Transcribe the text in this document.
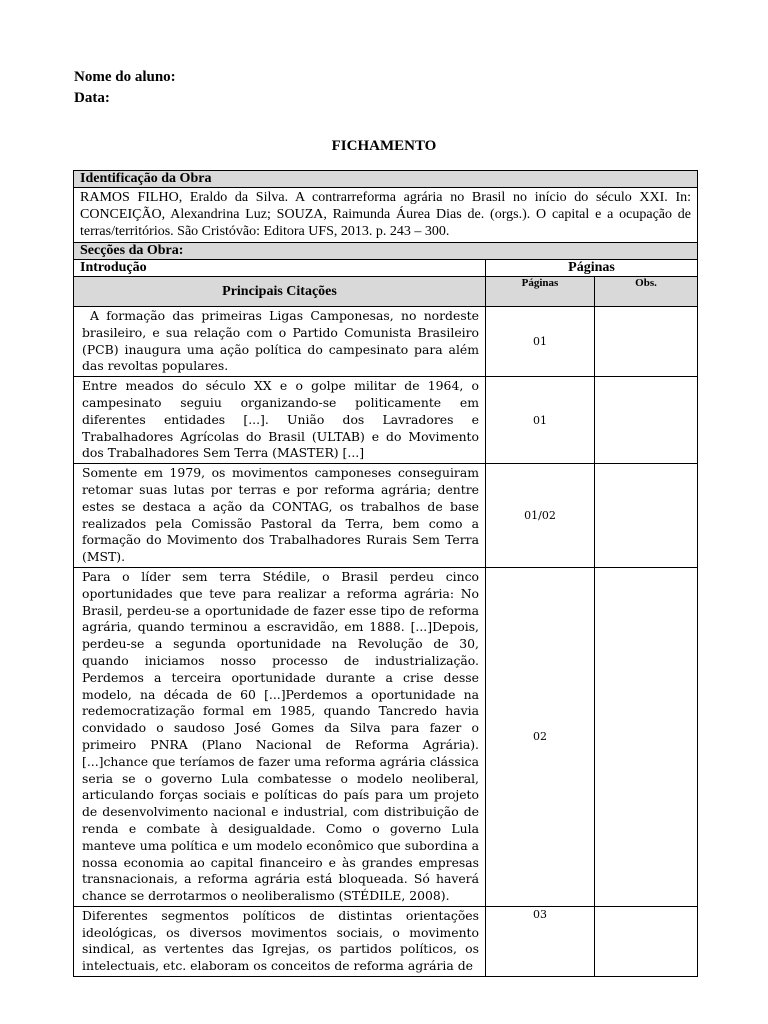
Nome do aluno:
Data:
FICHAMENTO
Identificação da Obra		
RAMOS FILHO, Eraldo da Silva. A contrarreforma agrária no Brasil no início do século XXI. In: CONCEIÇÃO, Alexandrina Luz; SOUZA, Raimunda Áurea Dias de. (orgs.). O capital e a ocupação de terras/territórios. São Cristóvão: Editora UFS, 2013. p. 243 – 300.		
Secções da Obra:		
Introdução	Páginas	
Principais Citações	Páginas	Obs.
A formação das primeiras Ligas Camponesas, no nordeste brasileiro, e sua relação com o Partido Comunista Brasileiro (PCB) inaugura uma ação política do campesinato para além das revoltas populares.	01	
Entre meados do século XX e o golpe militar de 1964, o campesinato seguiu organizando-se politicamente em diferentes entidades [...]. União dos Lavradores e Trabalhadores Agrícolas do Brasil (ULTAB) e do Movimento dos Trabalhadores Sem Terra (MASTER) [...]	01	
Somente em 1979, os movimentos camponeses conseguiram retomar suas lutas por terras e por reforma agrária; dentre estes se destaca a ação da CONTAG, os trabalhos de base realizados pela Comissão Pastoral da Terra, bem como a formação do Movimento dos Trabalhadores Rurais Sem Terra (MST).	01/02	
Para o líder sem terra Stédile, o Brasil perdeu cinco oportunidades que teve para realizar a reforma agrária: No Brasil, perdeu-se a oportunidade de fazer esse tipo de reforma agrária, quando terminou a escravidão, em 1888. [...]Depois, perdeu-se a segunda oportunidade na Revolução de 30, quando iniciamos nosso processo de industrialização. Perdemos a terceira oportunidade durante a crise desse modelo, na década de 60 [...]Perdemos a oportunidade na redemocratização formal em 1985, quando Tancredo havia convidado o saudoso José Gomes da Silva para fazer o primeiro PNRA (Plano Nacional de Reforma Agrária). [...]chance que teríamos de fazer uma reforma agrária clássica seria se o governo Lula combatesse o modelo neoliberal, articulando forças sociais e políticas do país para um projeto de desenvolvimento nacional e industrial, com distribuição de renda e combate à desigualdade. Como o governo Lula manteve uma política e um modelo econômico que subordina a nossa economia ao capital financeiro e às grandes empresas transnacionais, a reforma agrária está bloqueada. Só haverá chance se derrotarmos o neoliberalismo (STÉDILE, 2008).	02	
Diferentes segmentos políticos de distintas orientações ideológicas, os diversos movimentos sociais, o movimento sindical, as vertentes das Igrejas, os partidos políticos, os intelectuais, etc. elaboram os conceitos de reforma agrária de	03	
